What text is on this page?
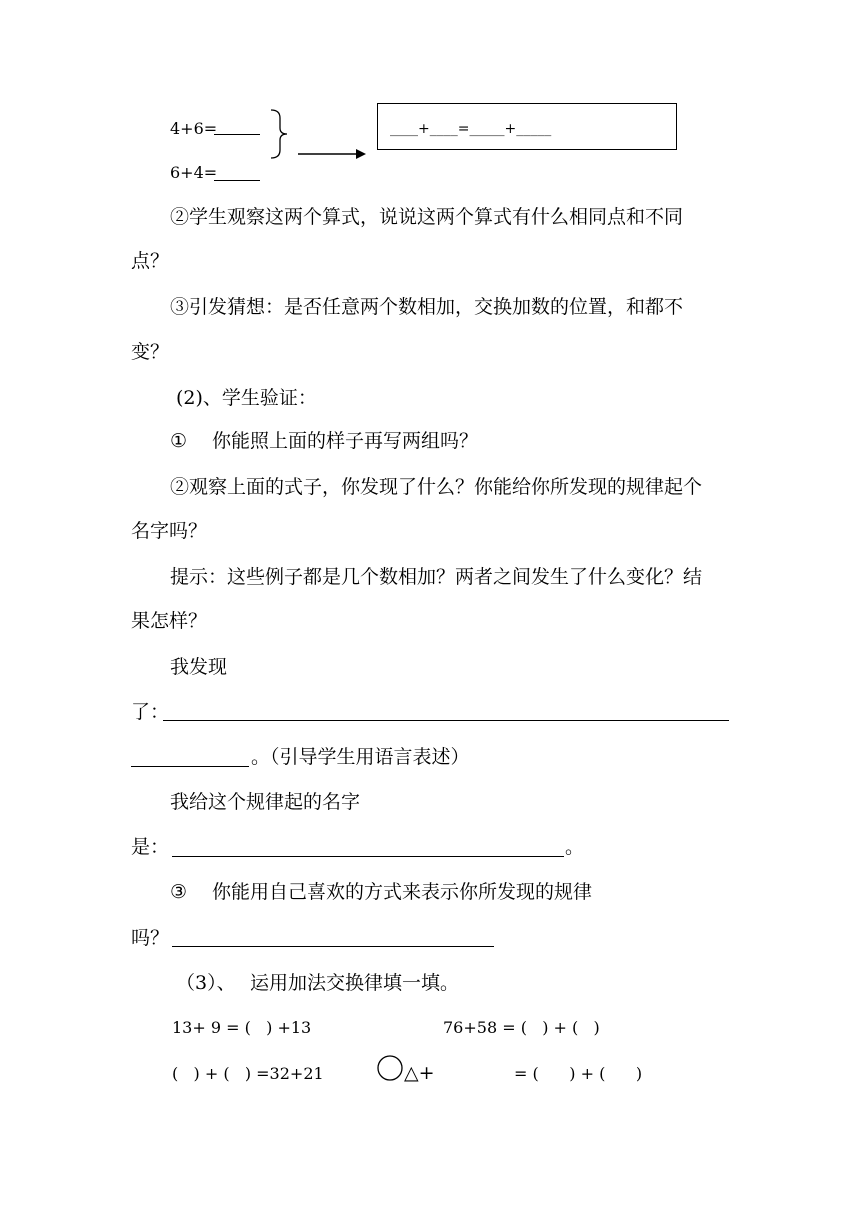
4+6=
6+4=
____+____=_____+_____
②学生观察这两个算式，说说这两个算式有什么相同点和不同
点？
③引发猜想：是否任意两个数相加，交换加数的位置，和都不
变？
(2)、学生验证：
① 你能照上面的样子再写两组吗？
②观察上面的式子，你发现了什么？你能给你所发现的规律起个
名字吗？
提示：这些例子都是几个数相加？两者之间发生了什么变化？结
果怎样？
我发现
了：
。（引导学生用语言表述）
我给这个规律起的名字
是：	。
③ 你能用自己喜欢的方式来表示你所发现的规律
吗？
（3）、 运用加法交换律填一填。
13+ 9 = (   ) +13	76+58 = (   ) + (   )
(   ) + (   ) =32+21	△+	= (      ) + (      )
